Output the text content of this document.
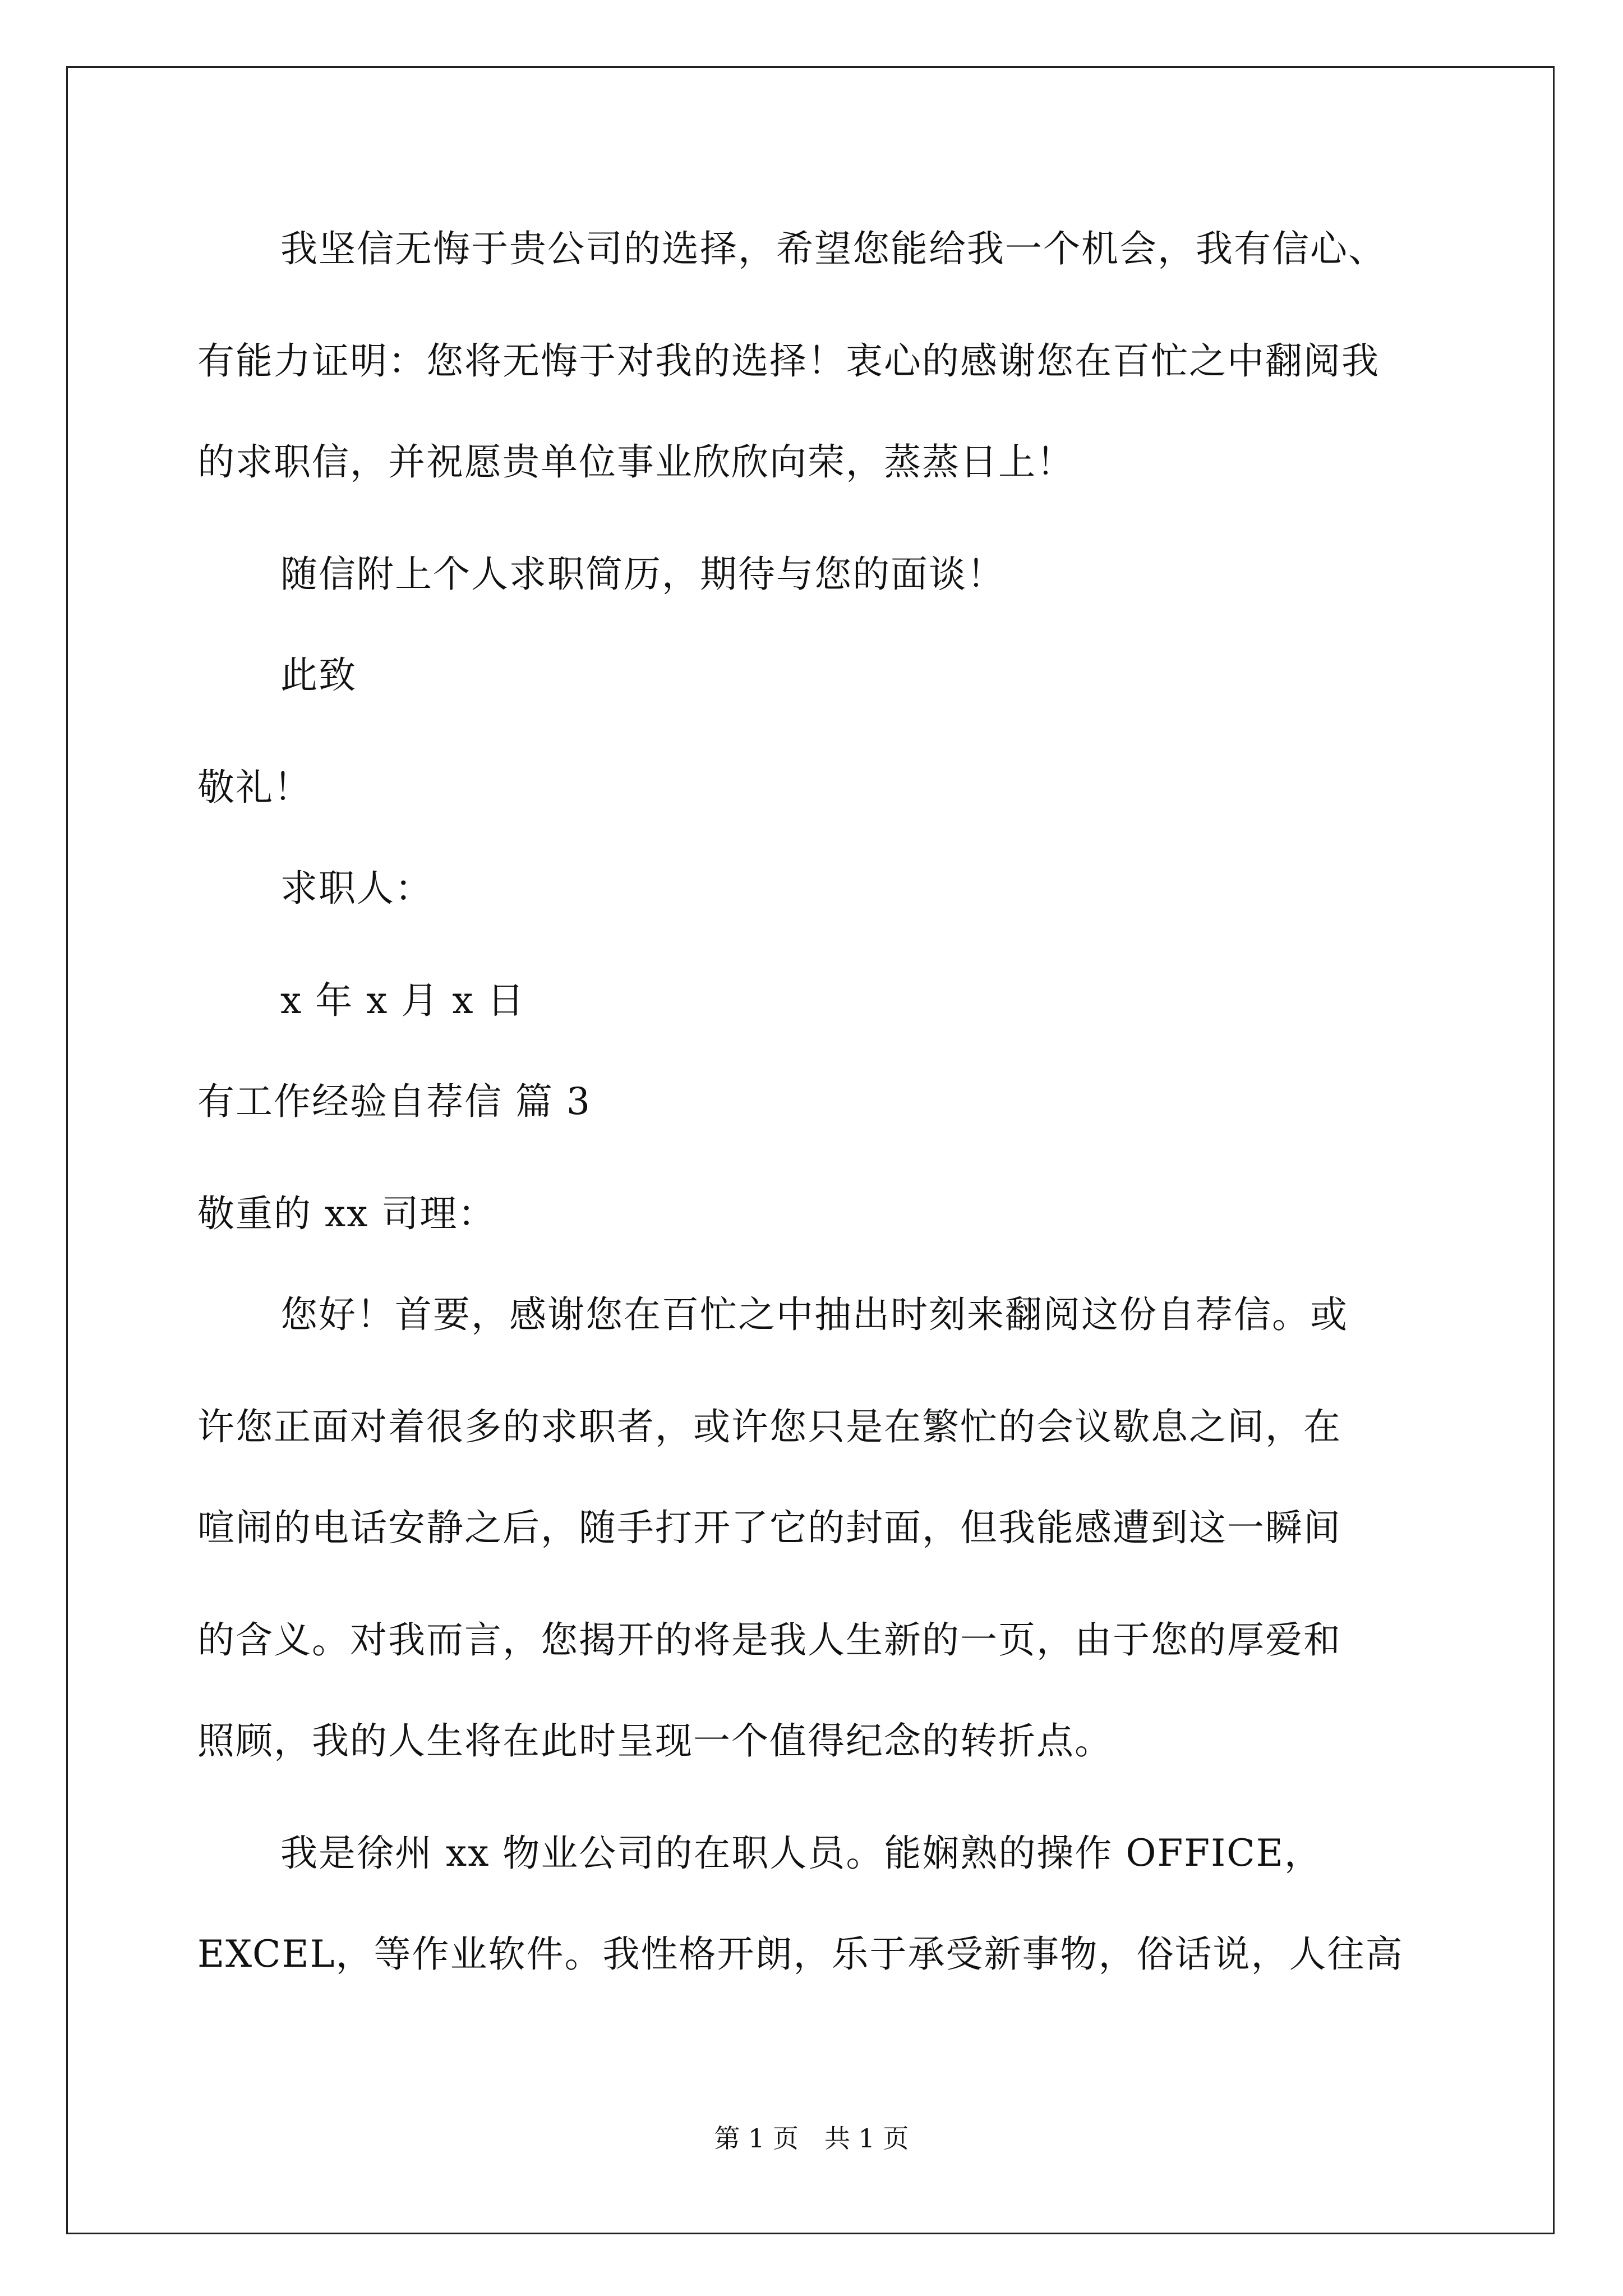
我坚信无悔于贵公司的选择，希望您能给我一个机会，我有信心、
有能力证明：您将无悔于对我的选择！衷心的感谢您在百忙之中翻阅我
的求职信，并祝愿贵单位事业欣欣向荣，蒸蒸日上！
随信附上个人求职简历，期待与您的面谈！
此致
敬礼！
求职人：
x 年 x 月 x 日
有工作经验自荐信 篇 3
敬重的 xx 司理：
您好！首要，感谢您在百忙之中抽出时刻来翻阅这份自荐信。或
许您正面对着很多的求职者，或许您只是在繁忙的会议歇息之间，在
喧闹的电话安静之后，随手打开了它的封面，但我能感遭到这一瞬间
的含义。对我而言，您揭开的将是我人生新的一页，由于您的厚爱和
照顾，我的人生将在此时呈现一个值得纪念的转折点。
我是徐州 xx 物业公司的在职人员。能娴熟的操作 OFFICE，
EXCEL，等作业软件。我性格开朗，乐于承受新事物，俗话说，人往高
第 1 页　共 1 页
